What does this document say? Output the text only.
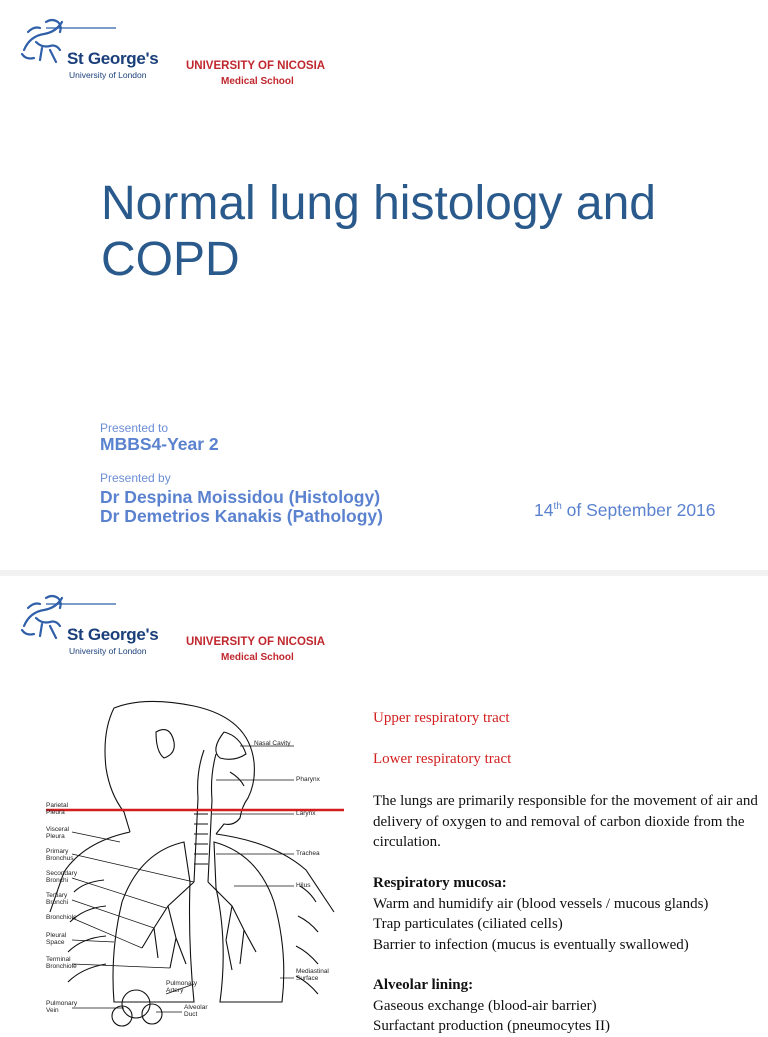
St George's
University of London
UNIVERSITY OF NICOSIA
Medical School
Normal lung histology and COPD
Presented to
MBBS4-Year 2
Presented by
Dr Despina Moissidou (Histology)
Dr Demetrios Kanakis (Pathology)	14th of September 2016
St George's
University of London
UNIVERSITY OF NICOSIA
Medical School
Nasal Cavity
Pharynx
Larynx
Trachea
Hilus
Mediastinal Surface
Parietal Pleura
Visceral Pleura
Primary Bronchus
Secondary Bronchi
Tertiary Bronchi
Bronchiole
Pleural Space
Terminal Bronchiole
Pulmonary Vein
Pulmonary Artery
Alveolar Duct
Upper respiratory tract
Lower respiratory tract
The lungs are primarily responsible for the movement of air and delivery of oxygen to and removal of carbon dioxide from the circulation.
Respiratory mucosa:
Warm and humidify air (blood vessels / mucous glands)
Trap particulates (ciliated cells)
Barrier to infection (mucus is eventually swallowed)
Alveolar lining:
Gaseous exchange (blood-air barrier)
Surfactant production (pneumocytes II)
